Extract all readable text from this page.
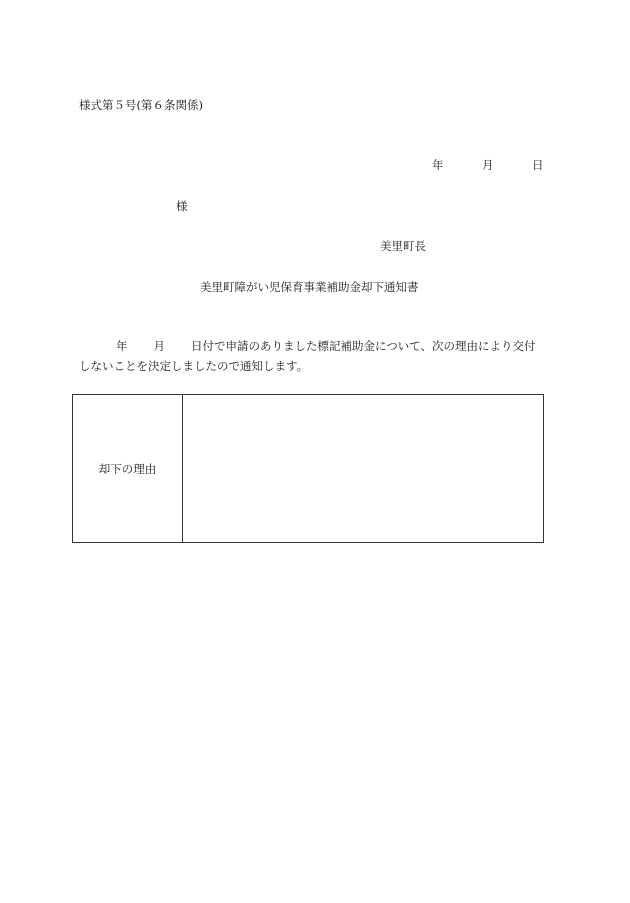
様式第５号(第６条関係)
年	月	日
様
美里町長
美里町障がい児保育事業補助金却下通知書
年 月 日付で申請のありました標記補助金について、次の理由により交付
しないことを決定しましたので通知します。
却下の理由
